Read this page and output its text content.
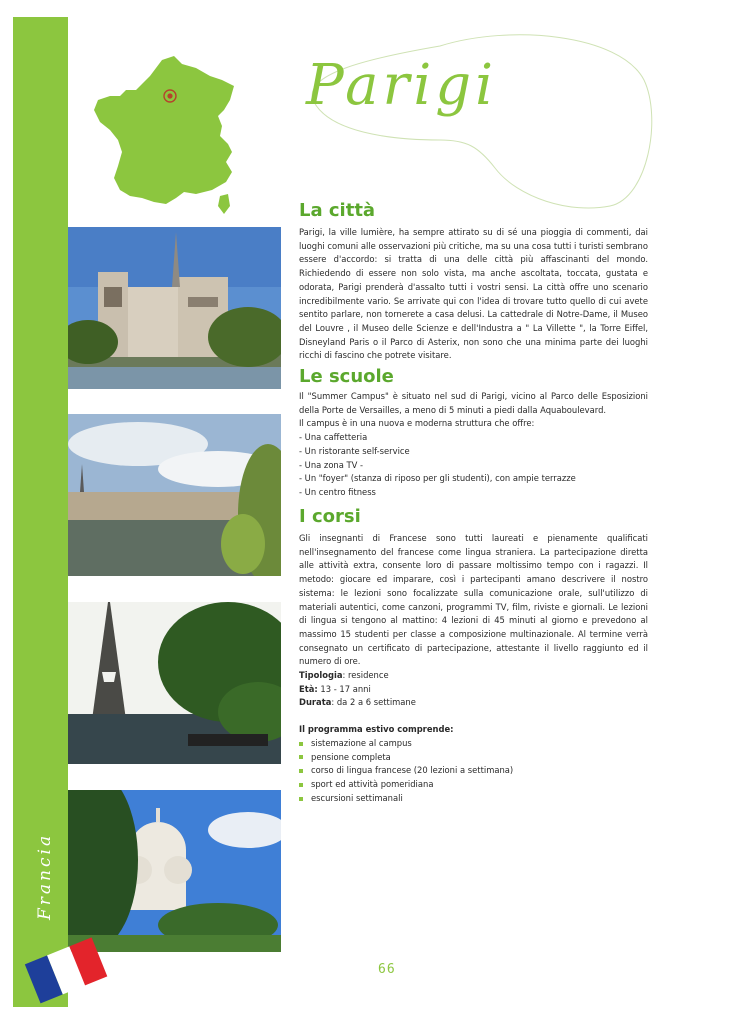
Francia
Parigi
La città

Parigi, la ville lumière, ha sempre attirato su di sé una pioggia di commenti, dai luoghi comuni alle osservazioni più critiche, ma su una cosa tutti i turisti sembrano essere d'accordo: si tratta di una delle città più affascinanti del mondo. Richiedendo di essere non solo vista, ma anche ascoltata, toccata, gustata e odorata, Parigi prenderà d'assalto tutti i vostri sensi. La città offre uno scenario incredibilmente vario. Se arrivate qui con l'idea di trovare tutto quello di cui avete sentito parlare, non tornerete a casa delusi. La cattedrale di Notre-Dame, il Museo del Louvre , il Museo delle Scienze e dell'Industra a " La Villette ", la Torre Eiffel, Disneyland Paris o il Parco di Asterix, non sono che una minima parte dei luoghi ricchi di fascino che potrete visitare.

Le scuole

Il "Summer Campus" è situato nel sud di Parigi, vicino al Parco delle Esposizioni della Porte de Versailles, a meno di 5 minuti a piedi dalla Aquaboulevard.

Il campus è in una nuova e moderna struttura che offre:
- Una caffetteria
- Un ristorante self-service
- Una zona TV -
- Un "foyer" (stanza di riposo per gli studenti), con ampie terrazze
- Un centro fitness
I corsi

Gli insegnanti di Francese sono tutti laureati e pienamente qualificati nell'insegnamento del francese come lingua straniera. La partecipazione diretta alle attività extra, consente loro di passare moltissimo tempo con i ragazzi. Il metodo: giocare ed imparare, così i partecipanti amano descrivere il nostro sistema: le lezioni sono focalizzate sulla comunicazione orale, sull'utilizzo di materiali autentici, come canzoni, programmi TV, film, riviste e giornali. Le lezioni di lingua si tengono al mattino: 4 lezioni di 45 minuti al giorno e prevedono al massimo 15 studenti per classe a composizione multinazionale. Al termine verrà consegnato un certificato di partecipazione, attestante il livello raggiunto ed il numero di ore.

Tipologia: residence
Età: 13 - 17 anni
Durata: da 2 a 6 settimane
Il programma estivo comprende:
sistemazione al campus
pensione completa
corso di lingua francese (20 lezioni a settimana)
sport ed attività pomeridiana
escursioni settimanali
66
